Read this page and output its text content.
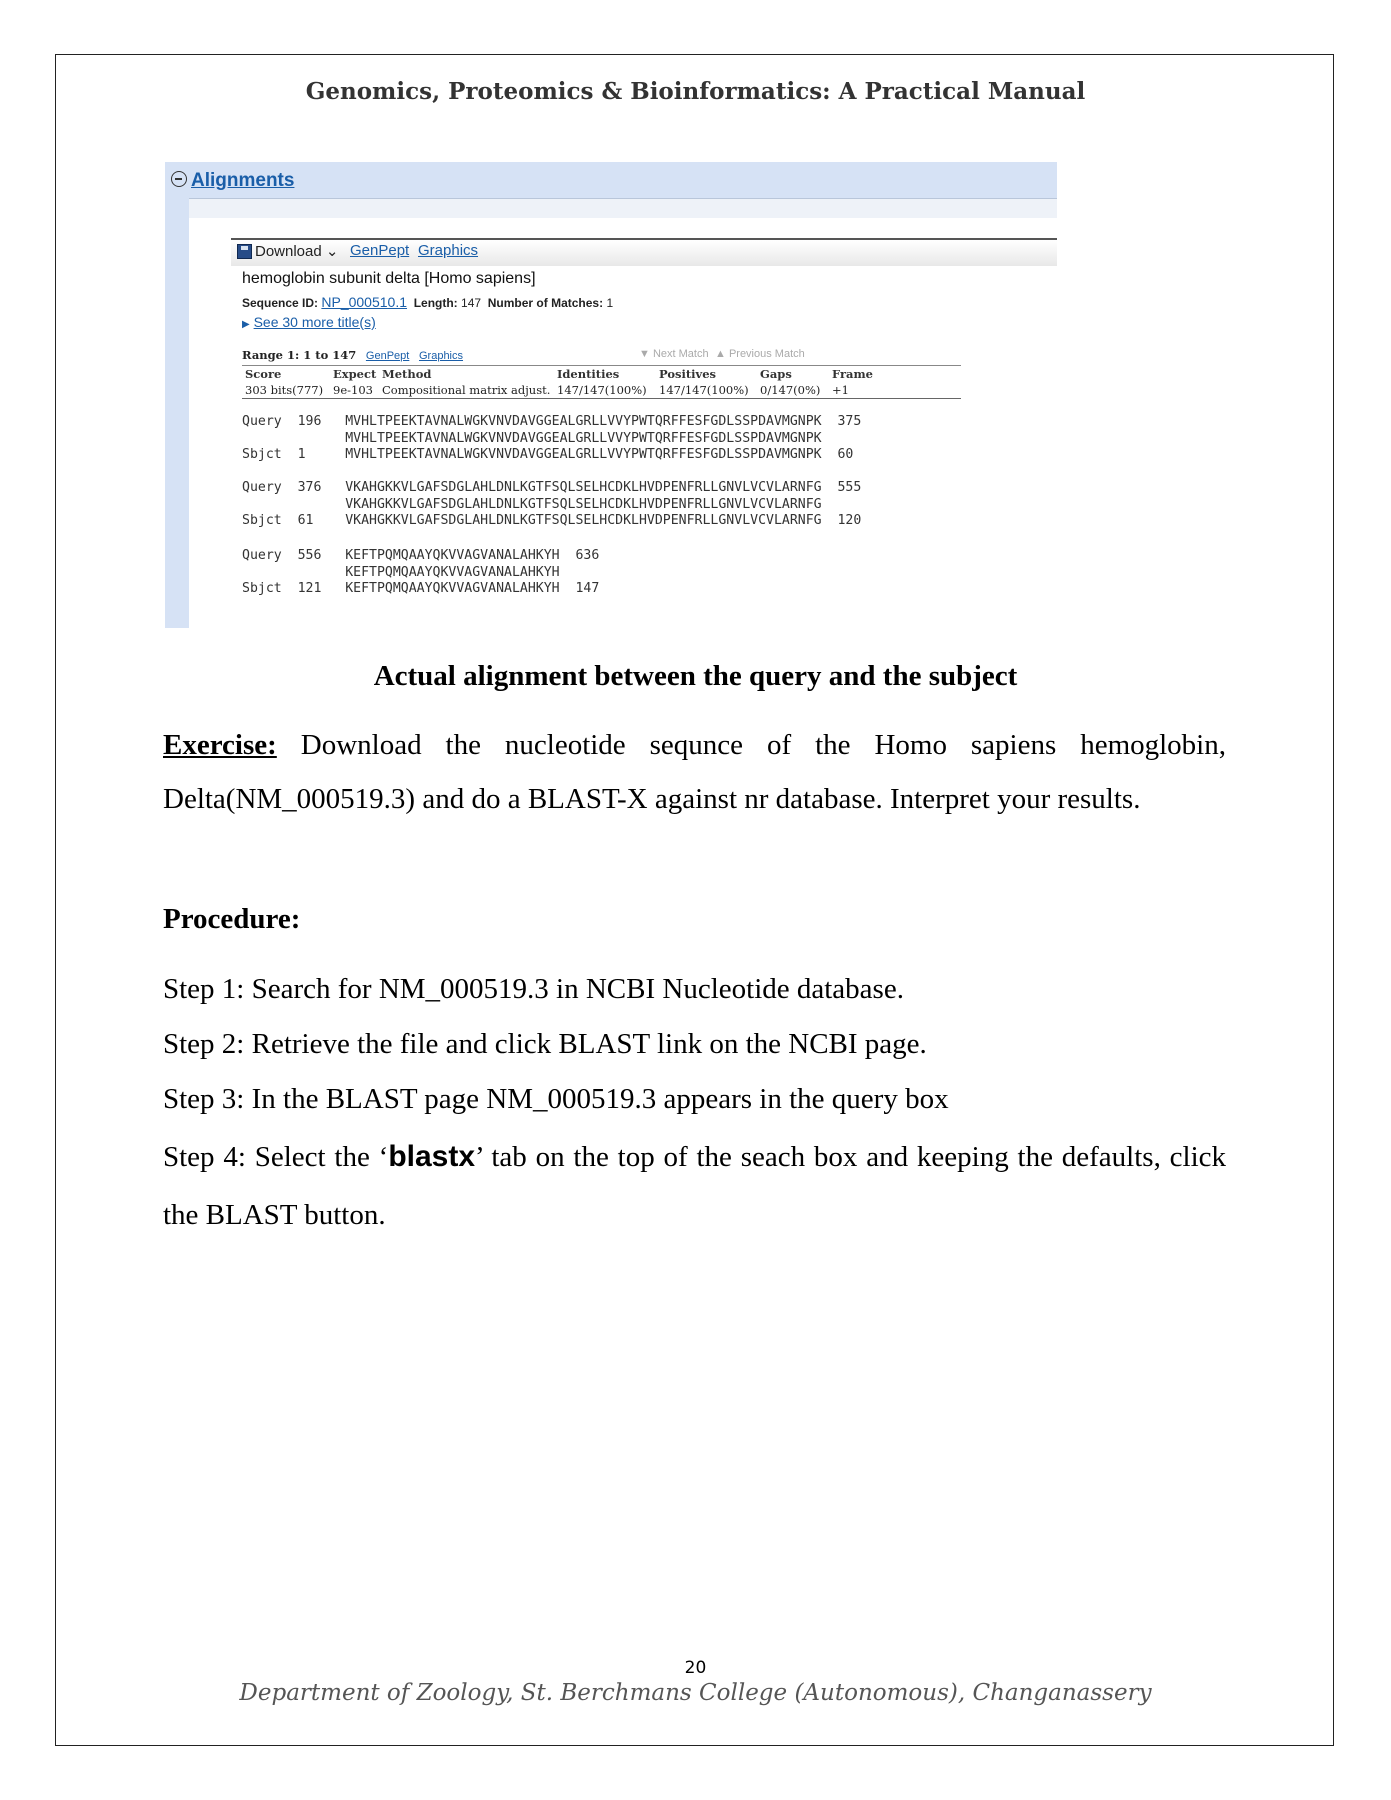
Genomics, Proteomics & Bioinformatics: A Practical Manual
Alignments
Download ⌄ GenPept Graphics
hemoglobin subunit delta [Homo sapiens]
Sequence ID: NP_000510.1 Length: 147 Number of Matches: 1
▶ See 30 more title(s)
Range 1: 1 to 147 GenPept Graphics	▼ Next Match ▲ Previous Match
Score	Expect Method	Identities	Positives	Gaps	Frame
303 bits(777) 9e-103 Compositional matrix adjust. 147/147(100%) 147/147(100%) 0/147(0%) +1
Query  196   MVHLTPEEKTAVNALWGKVNVDAVGGEALGRLLVVYPWTQRFFESFGDLSSPDAVMGNPK  375
MVHLTPEEKTAVNALWGKVNVDAVGGEALGRLLVVYPWTQRFFESFGDLSSPDAVMGNPK
Sbjct  1     MVHLTPEEKTAVNALWGKVNVDAVGGEALGRLLVVYPWTQRFFESFGDLSSPDAVMGNPK  60
Query  376   VKAHGKKVLGAFSDGLAHLDNLKGTFSQLSELHCDKLHVDPENFRLLGNVLVCVLARNFG  555
VKAHGKKVLGAFSDGLAHLDNLKGTFSQLSELHCDKLHVDPENFRLLGNVLVCVLARNFG
Sbjct  61    VKAHGKKVLGAFSDGLAHLDNLKGTFSQLSELHCDKLHVDPENFRLLGNVLVCVLARNFG  120
Query  556   KEFTPQMQAAYQKVVAGVANALAHKYH  636
KEFTPQMQAAYQKVVAGVANALAHKYH
Sbjct  121   KEFTPQMQAAYQKVVAGVANALAHKYH  147
Actual alignment between the query and the subject
Exercise: Download the nucleotide sequnce of the Homo sapiens hemoglobin, Delta(NM_000519.3) and do a BLAST-X against nr database. Interpret your results.
Procedure:
Step 1: Search for NM_000519.3 in NCBI Nucleotide database.
Step 2: Retrieve the file and click BLAST link on the NCBI page.
Step 3: In the BLAST page NM_000519.3 appears in the query box
Step 4: Select the ‘blastx’ tab on the top of the seach box and keeping the defaults, click the BLAST button.
20
Department of Zoology, St. Berchmans College (Autonomous), Changanassery
